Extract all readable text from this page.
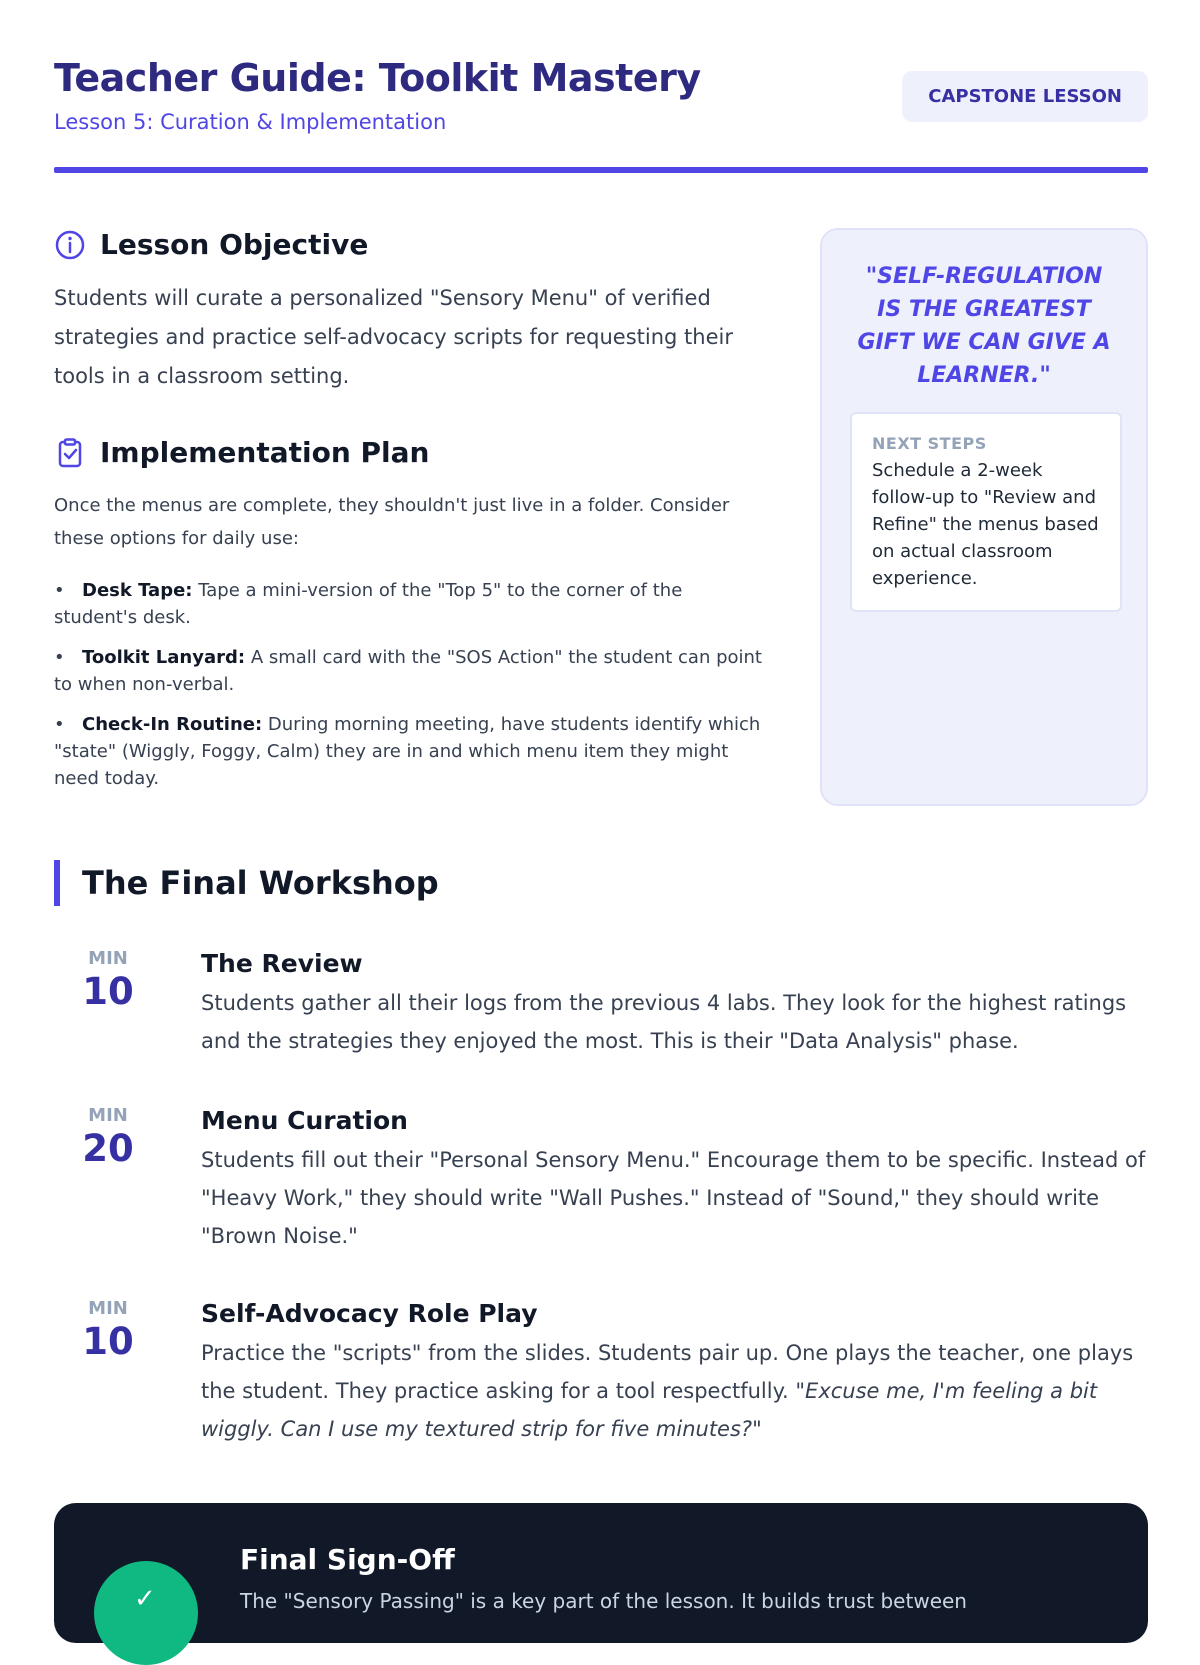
Teacher Guide: Toolkit Mastery
Lesson 5: Curation & Implementation
CAPSTONE LESSON
Lesson Objective

Students will curate a personalized "Sensory Menu" of verified strategies and practice self-advocacy scripts for requesting their tools in a classroom setting.

Implementation Plan

Once the menus are complete, they shouldn't just live in a folder. Consider these options for daily use:

• Desk Tape: Tape a mini-version of the "Top 5" to the corner of the student's desk.
• Toolkit Lanyard: A small card with the "SOS Action" the student can point to when non-verbal.
• Check-In Routine: During morning meeting, have students identify which "state" (Wiggly, Foggy, Calm) they are in and which menu item they might need today.
"SELF-REGULATION IS THE GREATEST GIFT WE CAN GIVE A LEARNER."
NEXT STEPS
Schedule a 2-week follow-up to "Review and Refine" the menus based on actual classroom experience.
The Final Workshop
MIN
10
The Review

Students gather all their logs from the previous 4 labs. They look for the highest ratings and the strategies they enjoyed the most. This is their "Data Analysis" phase.

MIN
20
Menu Curation

Students fill out their "Personal Sensory Menu." Encourage them to be specific. Instead of "Heavy Work," they should write "Wall Pushes." Instead of "Sound," they should write "Brown Noise."

MIN
10
Self-Advocacy Role Play

Practice the "scripts" from the slides. Students pair up. One plays the teacher, one plays the student. They practice asking for a tool respectfully. "Excuse me, I'm feeling a bit wiggly. Can I use my textured strip for five minutes?"

✓
Final Sign-Off

The "Sensory Passing" is a key part of the lesson. It builds trust between
